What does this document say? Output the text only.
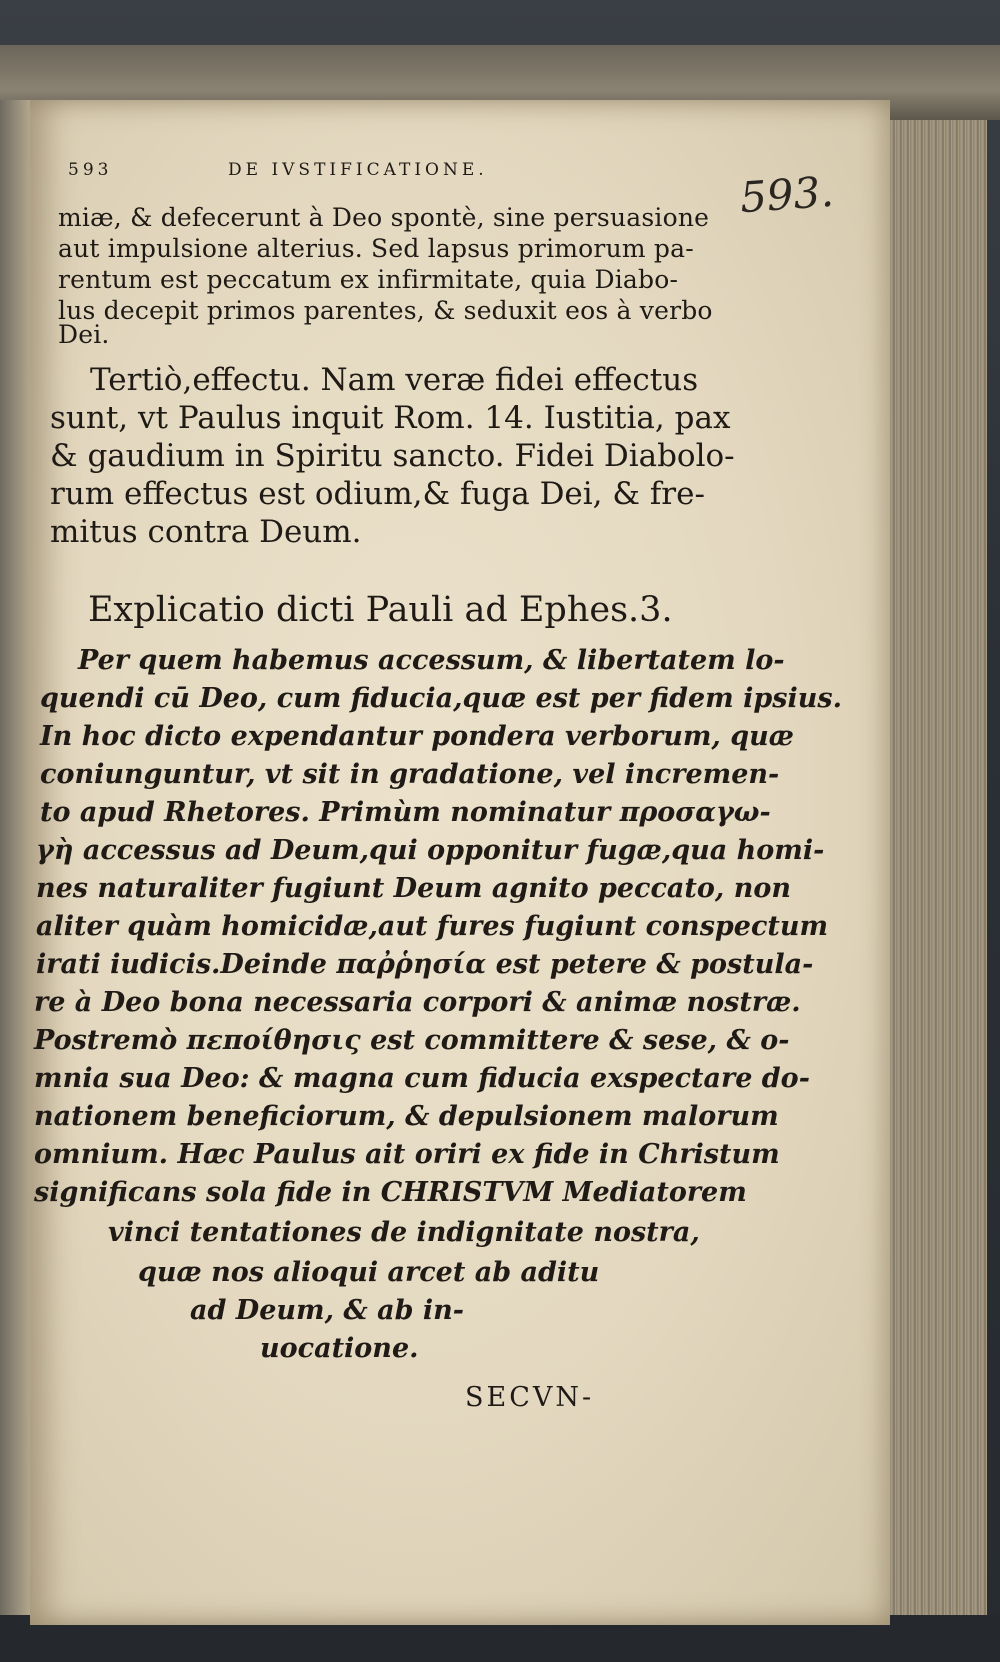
593	DE IVSTIFICATIONE.	593.
miæ, & defecerunt à Deo spontè, sine persuasione
aut impulsione alterius. Sed lapsus primorum pa-
rentum est peccatum ex infirmitate, quia Diabo-
lus decepit primos parentes, & seduxit eos à verbo
Dei.
Tertiò,effectu. Nam veræ fidei effectus
sunt, vt Paulus inquit Rom. 14. Iustitia, pax
& gaudium in Spiritu sancto. Fidei Diabolo-
rum effectus est odium,& fuga Dei, & fre-
mitus contra Deum.
Explicatio dicti Pauli ad Ephes.3.
Per quem habemus accessum, & libertatem lo-
quendi cū Deo, cum fiducia,quæ est per fidem ipsius.
In hoc dicto expendantur pondera verborum, quæ
coniunguntur, vt sit in gradatione, vel incremen-
to apud Rhetores. Primùm nominatur προσαγω-
γὴ accessus ad Deum,qui opponitur fugæ,qua homi-
nes naturaliter fugiunt Deum agnito peccato, non
aliter quàm homicidæ,aut fures fugiunt conspectum
irati iudicis.Deinde παῤῥησία est petere & postula-
re à Deo bona necessaria corpori & animæ nostræ.
Postremò πεποίθησις est committere & sese, & o-
mnia sua Deo: & magna cum fiducia exspectare do-
nationem beneficiorum, & depulsionem malorum
omnium. Hæc Paulus ait oriri ex fide in Christum
significans sola fide in CHRISTVM Mediatorem
vinci tentationes de indignitate nostra,
quæ nos alioqui arcet ab aditu
ad Deum, & ab in-
uocatione.
SECVN-
